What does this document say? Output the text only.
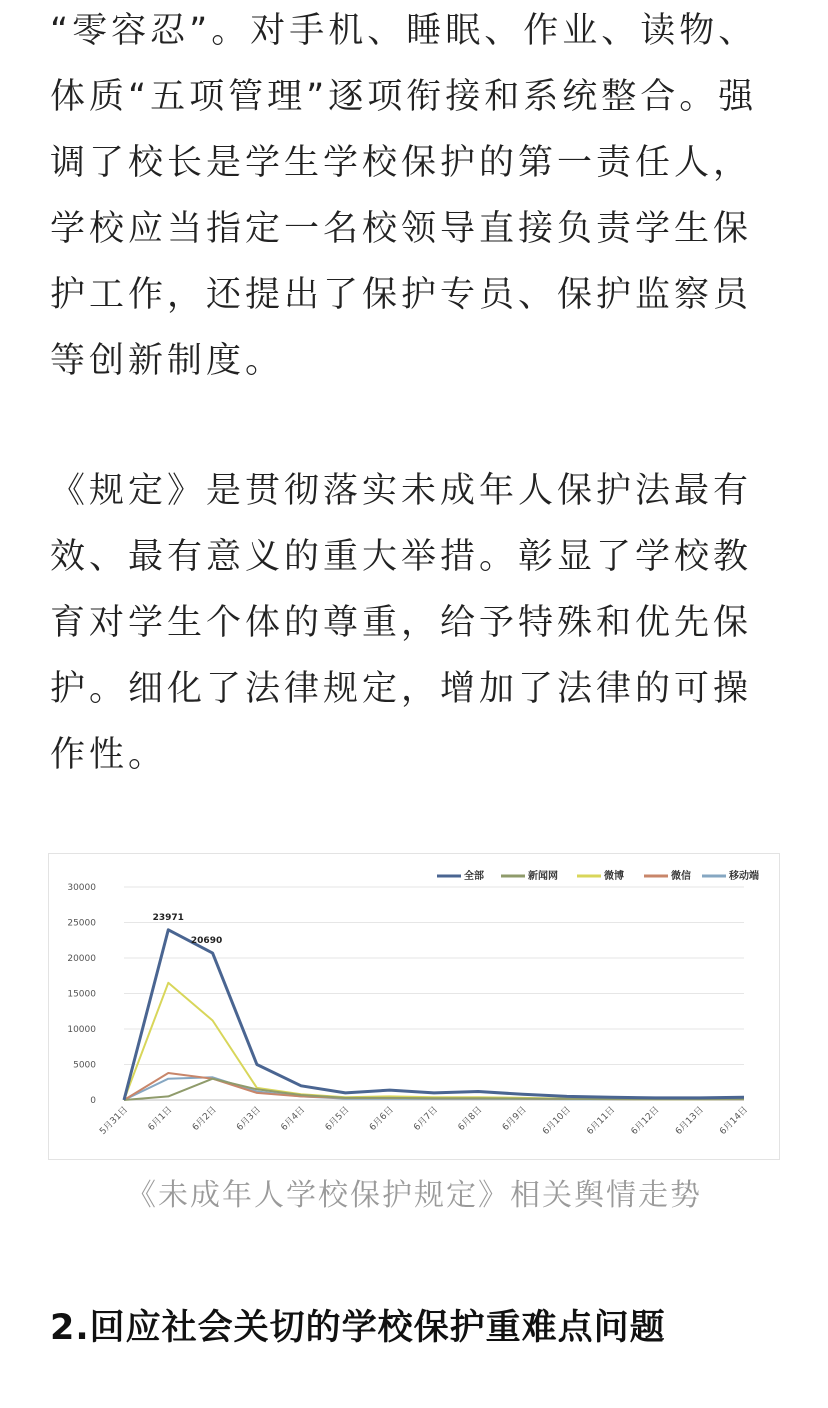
“零容忍”。对手机、睡眠、作业、读物、
体质“五项管理”逐项衔接和系统整合。强
调了校长是学生学校保护的第一责任人，
学校应当指定一名校领导直接负责学生保
护工作，还提出了保护专员、保护监察员
等创新制度。
《规定》是贯彻落实未成年人保护法最有
效、最有意义的重大举措。彰显了学校教
育对学生个体的尊重，给予特殊和优先保
护。细化了法律规定，增加了法律的可操
作性。
0
5000
10000
15000
20000
25000
30000
5月31日 6月1日 6月2日 6月3日 6月4日 6月5日 6月6日 6月7日 6月8日 6月9日 6月10日 6月11日 6月12日 6月13日 6月14日
23971
20690
全部	新闻网	微博	微信	移动端
《未成年人学校保护规定》相关舆情走势
2.回应社会关切的学校保护重难点问题
